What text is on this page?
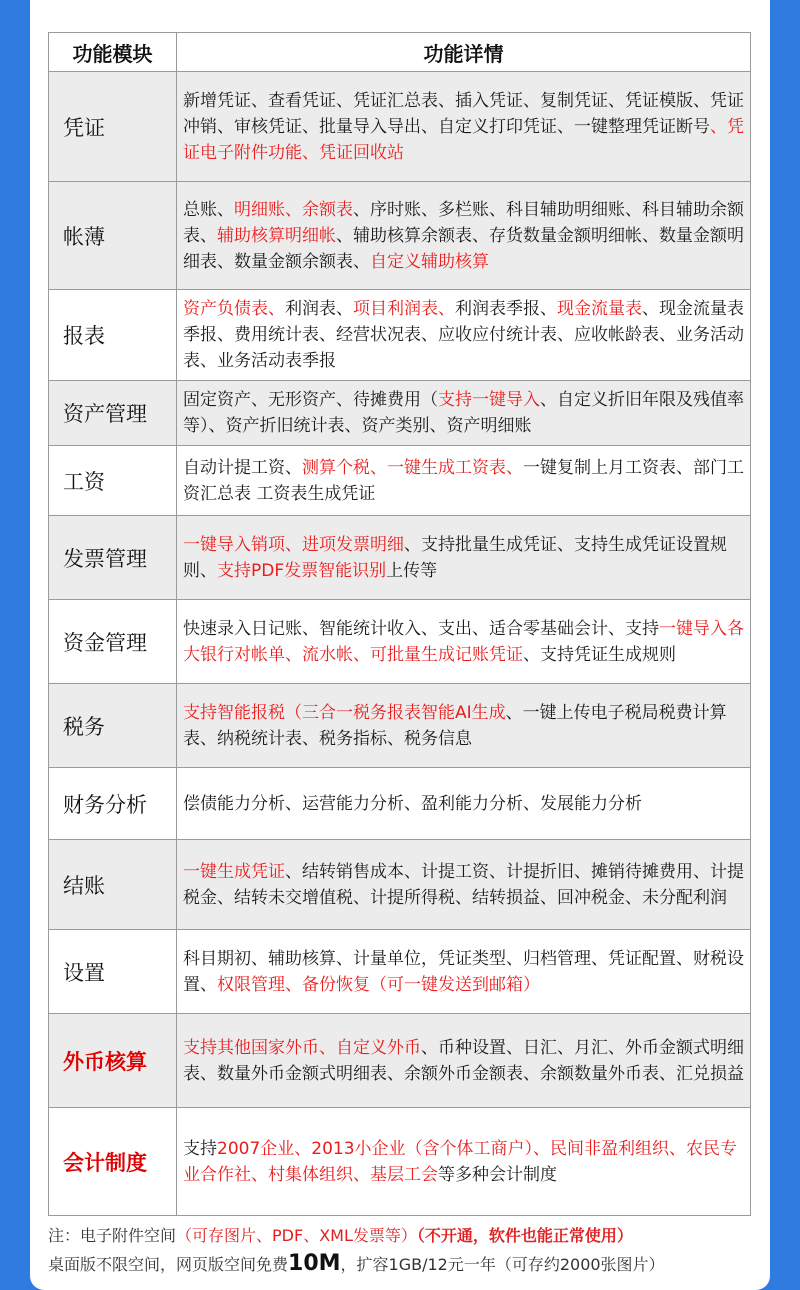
功能模块	功能详情
凭证	新增凭证、查看凭证、凭证汇总表、插入凭证、复制凭证、凭证模版、凭证冲销、审核凭证、批量导入导出、自定义打印凭证、一键整理凭证断号、凭证电子附件功能、凭证回收站
帐薄	总账、明细账、余额表、序时账、多栏账、科目辅助明细账、科目辅助余额表、辅助核算明细帐、辅助核算余额表、存货数量金额明细帐、数量金额明细表、数量金额余额表、自定义辅助核算
报表	资产负债表、利润表、项目利润表、利润表季报、现金流量表、现金流量表季报、费用统计表、经营状况表、应收应付统计表、应收帐龄表、业务活动表、业务活动表季报
资产管理	固定资产、无形资产、待摊费用（支持一键导入、自定义折旧年限及残值率等）、资产折旧统计表、资产类别、资产明细账
工资	自动计提工资、测算个税、一键生成工资表、一键复制上月工资表、部门工资汇总表 工资表生成凭证
发票管理	一键导入销项、进项发票明细、支持批量生成凭证、支持生成凭证设置规则、支持PDF发票智能识别上传等
资金管理	快速录入日记账、智能统计收入、支出、适合零基础会计、支持一键导入各大银行对帐单、流水帐、可批量生成记账凭证、支持凭证生成规则
税务	支持智能报税（三合一税务报表智能AI生成、一键上传电子税局税费计算表、纳税统计表、税务指标、税务信息
财务分析	偿债能力分析、运营能力分析、盈利能力分析、发展能力分析
结账	一键生成凭证、结转销售成本、计提工资、计提折旧、摊销待摊费用、计提税金、结转未交增值税、计提所得税、结转损益、回冲税金、未分配利润
设置	科目期初、辅助核算、计量单位，凭证类型、归档管理、凭证配置、财税设置、权限管理、备份恢复（可一键发送到邮箱）
外币核算	支持其他国家外币、自定义外币、币种设置、日汇、月汇、外币金额式明细表、数量外币金额式明细表、余额外币金额表、余额数量外币表、汇兑损益
会计制度	支持2007企业、2013小企业（含个体工商户）、民间非盈利组织、农民专业合作社、村集体组织、基层工会等多种会计制度
注：电子附件空间（可存图片、PDF、XML发票等）（不开通，软件也能正常使用）
桌面版不限空间，网页版空间免费10M，扩容1GB/12元一年（可存约2000张图片）
